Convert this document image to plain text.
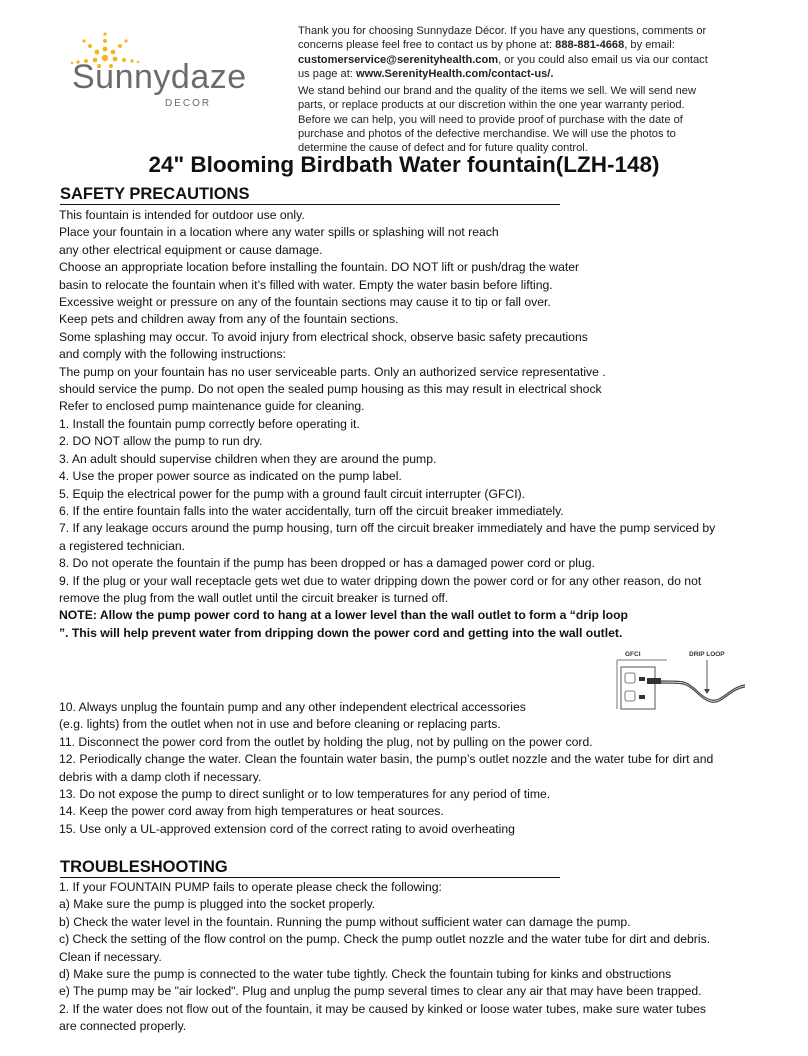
Sunnydaze
DECOR

Thank you for choosing Sunnydaze Décor. If you have any questions, comments or

concerns please feel free to contact us by phone at: 888-881-4668, by email:

customerservice@serenityhealth.com, or you could also email us via our contact

us page at: www.SerenityHealth.com/contact-us/.

We stand behind our brand and the quality of the items we sell. We will send new

parts, or replace products at our discretion within the one year warranty period.

Before we can help, you will need to provide proof of purchase with the date of

purchase and photos of the defective merchandise. We will use the photos to

determine the cause of defect and for future quality control.

24" Blooming Birdbath Water fountain(LZH-148)
SAFETY PRECAUTIONS
This fountain is intended for outdoor use only.
Place your fountain in a location where any water spills or splashing will not reach
any other electrical equipment or cause damage.
Choose an appropriate location before installing the fountain. DO NOT lift or push/drag the water
basin to relocate the fountain when it’s filled with water. Empty the water basin before lifting.
Excessive weight or pressure on any of the fountain sections may cause it to tip or fall over.
Keep pets and children away from any of the fountain sections.
Some splashing may occur. To avoid injury from electrical shock, observe basic safety precautions
and comply with the following instructions:
The pump on your fountain has no user serviceable parts. Only an authorized service representative .
should service the pump. Do not open the sealed pump housing as this may result in electrical shock
Refer to enclosed pump maintenance guide for cleaning.
1. Install the fountain pump correctly before operating it.
2. DO NOT allow the pump to run dry.
3. An adult should supervise children when they are around the pump.
4. Use the proper power source as indicated on the pump label.
5. Equip the electrical power for the pump with a ground fault circuit interrupter (GFCI).
6. If the entire fountain falls into the water accidentally, turn off the circuit breaker immediately.
7. If any leakage occurs around the pump housing, turn off the circuit breaker immediately and have the pump serviced by
a registered technician.
8. Do not operate the fountain if the pump has been dropped or has a damaged power cord or plug.
9. If the plug or your wall receptacle gets wet due to water dripping down the power cord or for any other reason, do not
remove the plug from the wall outlet until the circuit breaker is turned off.
NOTE: Allow the pump power cord to hang at a lower level than the wall outlet to form a “drip loop
”. This will help prevent water from dripping down the power cord and getting into the wall outlet.
GFCI	DRIP LOOP
10. Always unplug the fountain pump and any other independent electrical accessories
(e.g. lights) from the outlet when not in use and before cleaning or replacing parts.
11. Disconnect the power cord from the outlet by holding the plug, not by pulling on the power cord.
12. Periodically change the water. Clean the fountain water basin, the pump’s outlet nozzle and the water tube for dirt and
debris with a damp cloth if necessary.
13. Do not expose the pump to direct sunlight or to low temperatures for any period of time.
14. Keep the power cord away from high temperatures or heat sources.
15. Use only a UL-approved extension cord of the correct rating to avoid overheating
TROUBLESHOOTING
1. If your FOUNTAIN PUMP fails to operate please check the following:
a) Make sure the pump is plugged into the socket properly.
b) Check the water level in the fountain. Running the pump without sufficient water can damage the pump.
c) Check the setting of the flow control on the pump. Check the pump outlet nozzle and the water tube for dirt and debris.
Clean if necessary.
d) Make sure the pump is connected to the water tube tightly. Check the fountain tubing for kinks and obstructions
e) The pump may be "air locked". Plug and unplug the pump several times to clear any air that may have been trapped.
2. If the water does not flow out of the fountain, it may be caused by kinked or loose water tubes, make sure water tubes
are connected properly.
